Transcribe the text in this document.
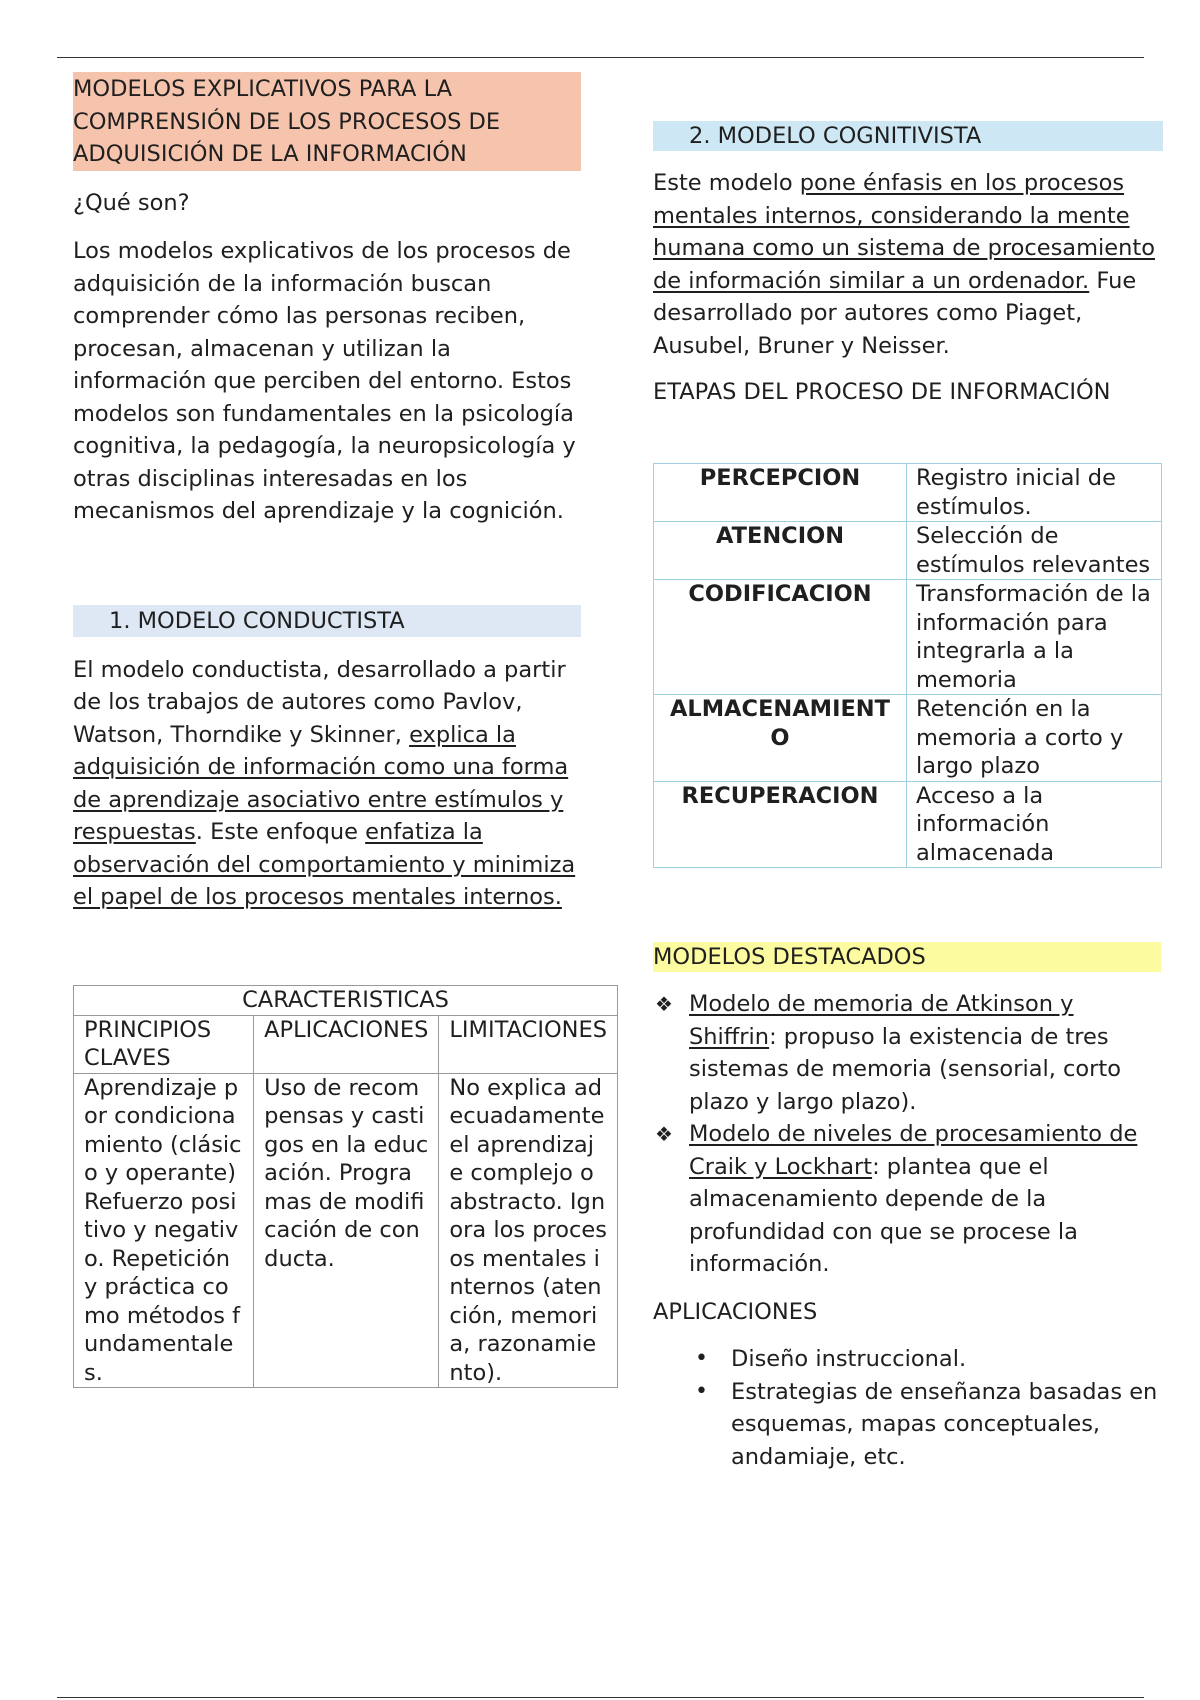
MODELOS EXPLICATIVOS PARA LA COMPRENSIÓN DE LOS PROCESOS DE ADQUISICIÓN DE LA INFORMACIÓN
¿Qué son?
Los modelos explicativos de los procesos de adquisición de la información buscan comprender cómo las personas reciben, procesan, almacenan y utilizan la información que perciben del entorno. Estos modelos son fundamentales en la psicología cognitiva, la pedagogía, la neuropsicología y otras disciplinas interesadas en los mecanismos del aprendizaje y la cognición.
1. MODELO CONDUCTISTA
El modelo conductista, desarrollado a partir de los trabajos de autores como Pavlov, Watson, Thorndike y Skinner, explica la adquisición de información como una forma de aprendizaje asociativo entre estímulos y respuestas. Este enfoque enfatiza la observación del comportamiento y minimiza el papel de los procesos mentales internos.
CARACTERISTICAS		
PRINCIPIOS CLAVES	APLICACIONES	LIMITACIONES
Aprendizaje por condicionamiento (clásico y operante)Refuerzo positivo y negativo. Repetición y práctica como métodos fundamentales.	Uso de recompensas y castigos en la educación. Programas de modificación de conducta.	No explica adecuadamente el aprendizaje complejo o abstracto. Ignora los procesos mentales internos (atención, memoria, razonamiento).
2. MODELO COGNITIVISTA
Este modelo pone énfasis en los procesos mentales internos, considerando la mente humana como un sistema de procesamiento de información similar a un ordenador. Fue desarrollado por autores como Piaget, Ausubel, Bruner y Neisser.
ETAPAS DEL PROCESO DE INFORMACIÓN
PERCEPCION	Registro inicial de estímulos.
ATENCION	Selección de estímulos relevantes
CODIFICACION	Transformación de la información para integrarla a la memoria
ALMACENAMIENTO	Retención en la memoria a corto y largo plazo
RECUPERACION	Acceso a la información almacenada
MODELOS DESTACADOS
❖ Modelo de memoria de Atkinson y Shiffrin: propuso la existencia de tres sistemas de memoria (sensorial, corto plazo y largo plazo).
❖ Modelo de niveles de procesamiento de Craik y Lockhart: plantea que el almacenamiento depende de la profundidad con que se procese la información.
APLICACIONES
• Diseño instruccional.
• Estrategias de enseñanza basadas en esquemas, mapas conceptuales, andamiaje, etc.
